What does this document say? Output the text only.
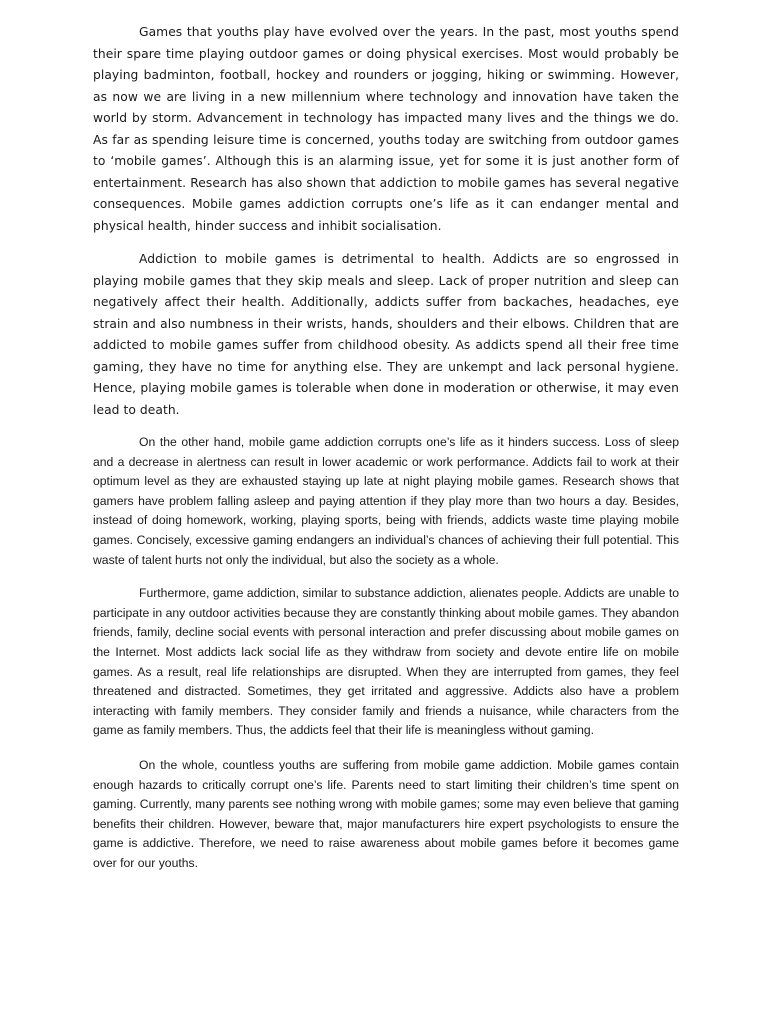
Games that youths play have evolved over the years. In the past, most youths spend their spare time playing outdoor games or doing physical exercises. Most would probably be playing badminton, football, hockey and rounders or jogging, hiking or swimming. However, as now we are living in a new millennium where technology and innovation have taken the world by storm. Advancement in technology has impacted many lives and the things we do. As far as spending leisure time is concerned, youths today are switching from outdoor games to ‘mobile games’. Although this is an alarming issue, yet for some it is just another form of entertainment. Research has also shown that addiction to mobile games has several negative consequences. Mobile games addiction corrupts one’s life as it can endanger mental and physical health, hinder success and inhibit socialisation.

Addiction to mobile games is detrimental to health. Addicts are so engrossed in playing mobile games that they skip meals and sleep. Lack of proper nutrition and sleep can negatively affect their health. Additionally, addicts suffer from backaches, headaches, eye strain and also numbness in their wrists, hands, shoulders and their elbows. Children that are addicted to mobile games suffer from childhood obesity. As addicts spend all their free time gaming, they have no time for anything else. They are unkempt and lack personal hygiene. Hence, playing mobile games is tolerable when done in moderation or otherwise, it may even lead to death.

On the other hand, mobile game addiction corrupts one’s life as it hinders success. Loss of sleep and a decrease in alertness can result in lower academic or work performance. Addicts fail to work at their optimum level as they are exhausted staying up late at night playing mobile games. Research shows that gamers have problem falling asleep and paying attention if they play more than two hours a day. Besides, instead of doing homework, working, playing sports, being with friends, addicts waste time playing mobile games. Concisely, excessive gaming endangers an individual’s chances of achieving their full potential. This waste of talent hurts not only the individual, but also the society as a whole.

Furthermore, game addiction, similar to substance addiction, alienates people. Addicts are unable to participate in any outdoor activities because they are constantly thinking about mobile games. They abandon friends, family, decline social events with personal interaction and prefer discussing about mobile games on the Internet. Most addicts lack social life as they withdraw from society and devote entire life on mobile games. As a result, real life relationships are disrupted. When they are interrupted from games, they feel threatened and distracted. Sometimes, they get irritated and aggressive. Addicts also have a problem interacting with family members. They consider family and friends a nuisance, while characters from the game as family members. Thus, the addicts feel that their life is meaningless without gaming.

On the whole, countless youths are suffering from mobile game addiction. Mobile games contain enough hazards to critically corrupt one’s life. Parents need to start limiting their children’s time spent on gaming. Currently, many parents see nothing wrong with mobile games; some may even believe that gaming benefits their children. However, beware that, major manufacturers hire expert psychologists to ensure the game is addictive. Therefore, we need to raise awareness about mobile games before it becomes game over for our youths.
